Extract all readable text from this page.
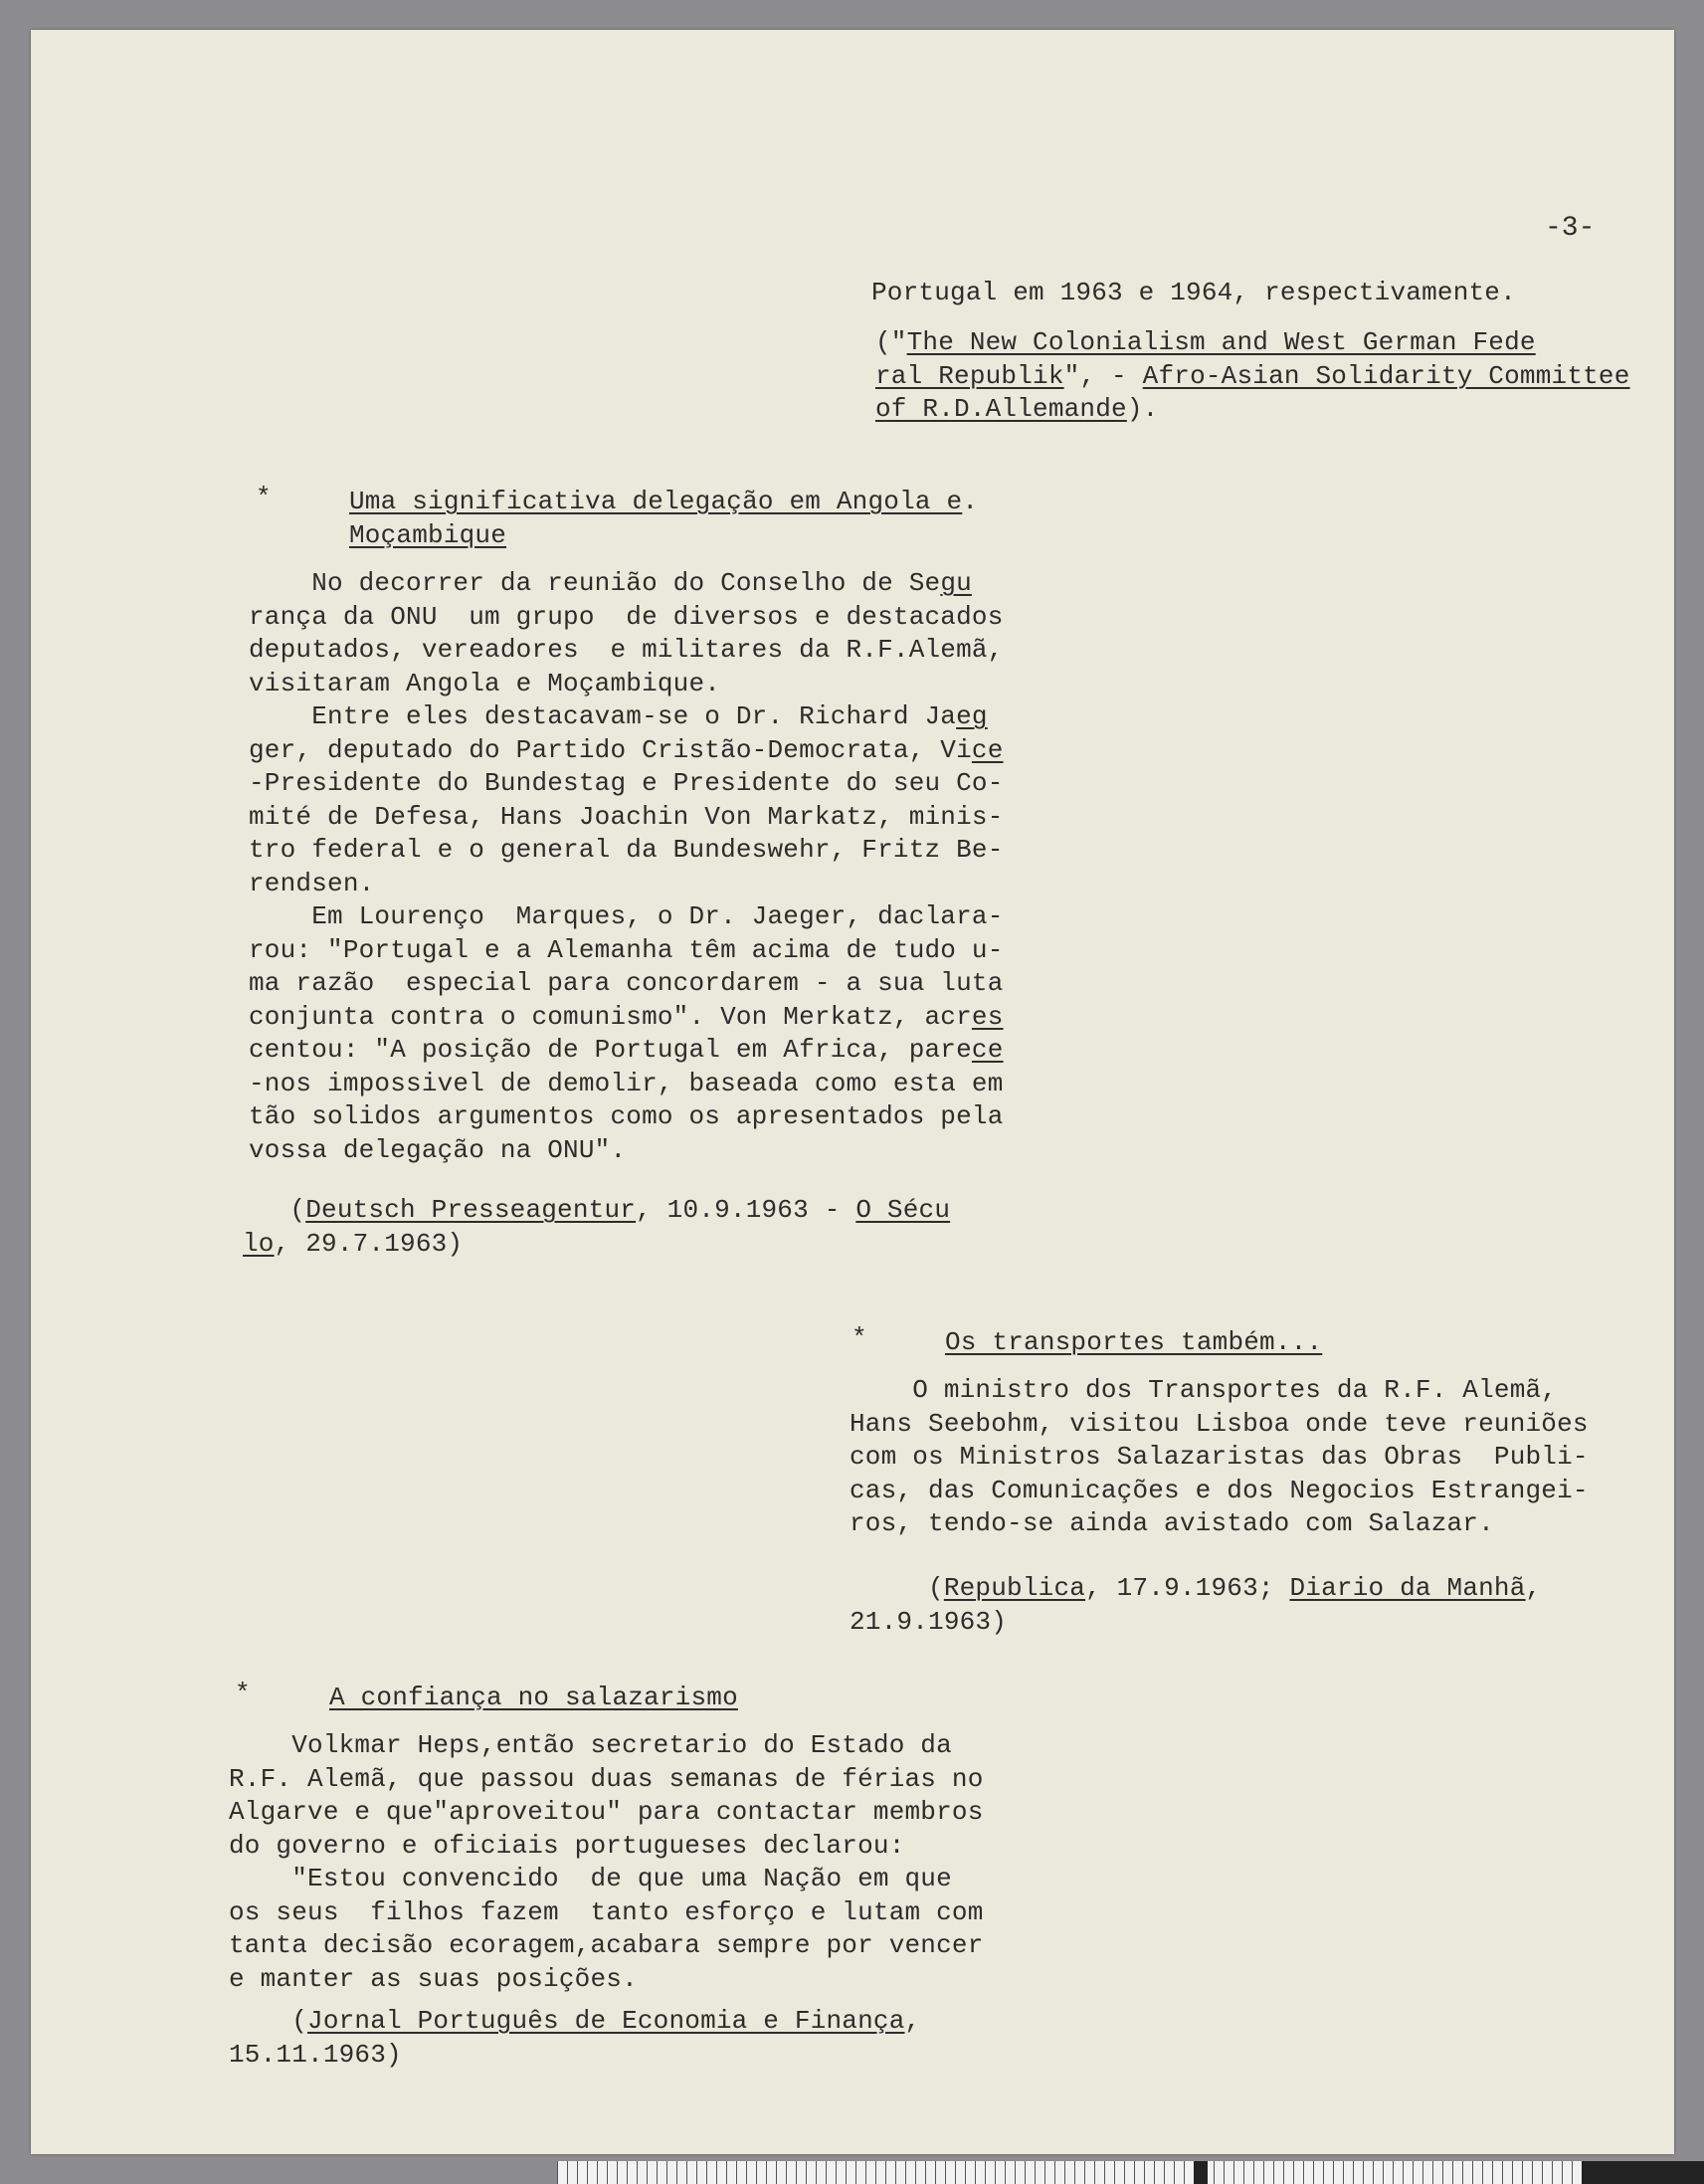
-3-
Portugal em 1963 e 1964, respectivamente.
("The New Colonialism and West German Fede
ral Republik", - Afro-Asian Solidarity Committee
of R.D.Allemande).
*	Uma significativa delegação em Angola e.
Moçambique
No decorrer da reunião do Conselho de Segu
rança da ONU  um grupo  de diversos e destacados
deputados, vereadores  e militares da R.F.Alemã,
visitaram Angola e Moçambique.
Entre eles destacavam-se o Dr. Richard Jaeg
ger, deputado do Partido Cristão-Democrata, Vice
-Presidente do Bundestag e Presidente do seu Co-
mité de Defesa, Hans Joachin Von Markatz, minis-
tro federal e o general da Bundeswehr, Fritz Be-
rendsen.
Em Lourenço  Marques, o Dr. Jaeger, daclara-
rou: "Portugal e a Alemanha têm acima de tudo u-
ma razão  especial para concordarem - a sua luta
conjunta contra o comunismo". Von Merkatz, acres
centou: "A posição de Portugal em Africa, parece
-nos impossivel de demolir, baseada como esta em
tão solidos argumentos como os apresentados pela
vossa delegação na ONU".
(Deutsch Presseagentur, 10.9.1963 - O Sécu
lo, 29.7.1963)
*	Os transportes também...
O ministro dos Transportes da R.F. Alemã,
Hans Seebohm, visitou Lisboa onde teve reuniões
com os Ministros Salazaristas das Obras  Publi-
cas, das Comunicações e dos Negocios Estrangei-
ros, tendo-se ainda avistado com Salazar.
(Republica, 17.9.1963; Diario da Manhã,
21.9.1963)
*	A confiança no salazarismo
Volkmar Heps,então secretario do Estado da
R.F. Alemã, que passou duas semanas de férias no
Algarve e que"aproveitou" para contactar membros
do governo e oficiais portugueses declarou:
"Estou convencido  de que uma Nação em que
os seus  filhos fazem  tanto esforço e lutam com
tanta decisão ecoragem,acabara sempre por vencer
e manter as suas posições.
(Jornal Português de Economia e Finança,
15.11.1963)
